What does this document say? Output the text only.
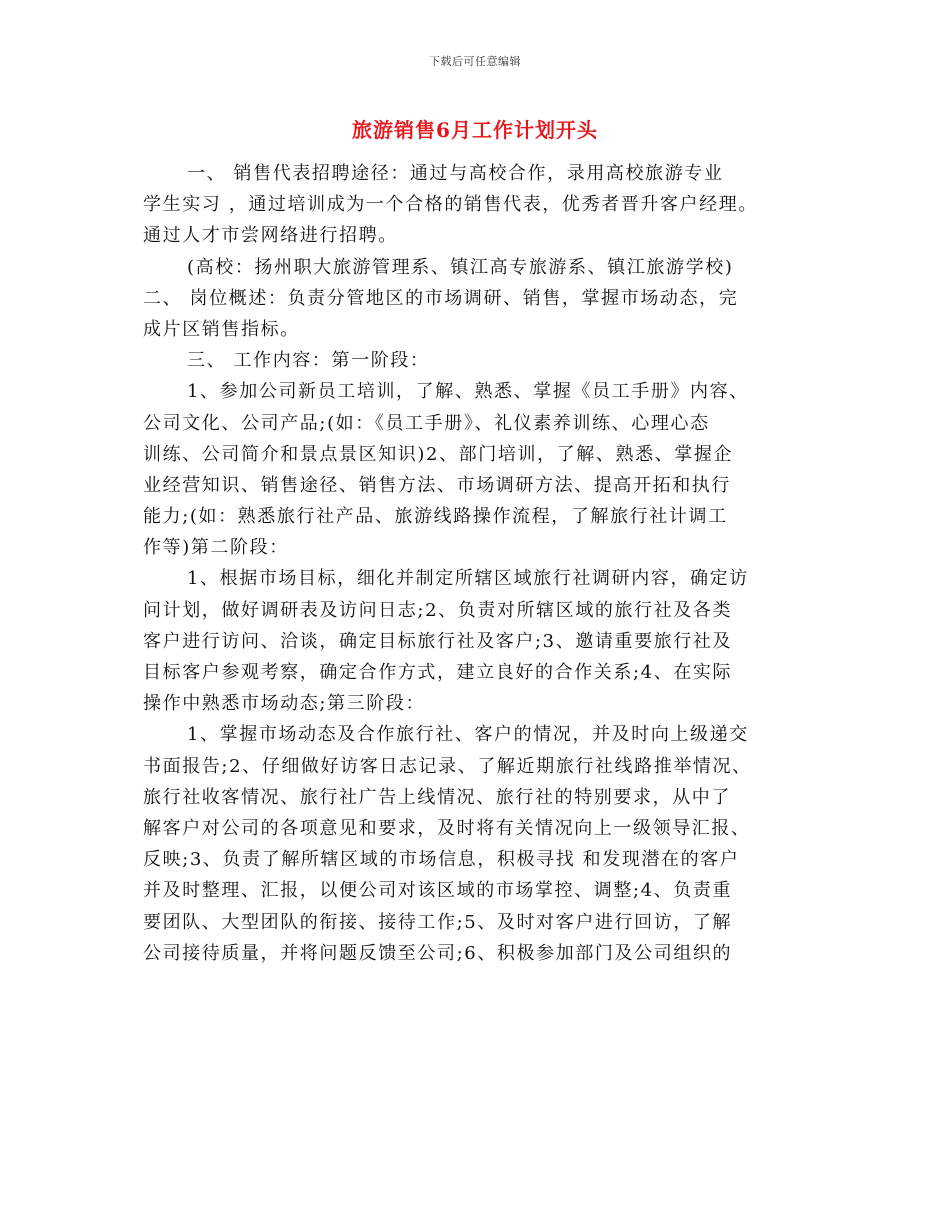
下载后可任意编辑
旅游销售6月工作计划开头
一、 销售代表招聘途径：通过与高校合作，录用高校旅游专业
学生实习 ，通过培训成为一个合格的销售代表，优秀者晋升客户经理。
通过人才市尝网络进行招聘。
(高校：扬州职大旅游管理系、镇江高专旅游系、镇江旅游学校)
二、 岗位概述：负责分管地区的市场调研、销售，掌握市场动态，完
成片区销售指标。
三、 工作内容：第一阶段：
1、参加公司新员工培训，了解、熟悉、掌握《员工手册》内容、
公司文化、公司产品;(如：《员工手册》、礼仪素养训练、心理心态
训练、公司简介和景点景区知识)2、部门培训，了解、熟悉、掌握企
业经营知识、销售途径、销售方法、市场调研方法、提高开拓和执行
能力;(如：熟悉旅行社产品、旅游线路操作流程，了解旅行社计调工
作等)第二阶段：
1、根据市场目标，细化并制定所辖区域旅行社调研内容，确定访
问计划，做好调研表及访问日志;2、负责对所辖区域的旅行社及各类
客户进行访问、洽谈，确定目标旅行社及客户;3、邀请重要旅行社及
目标客户参观考察，确定合作方式，建立良好的合作关系;4、在实际
操作中熟悉市场动态;第三阶段：
1、掌握市场动态及合作旅行社、客户的情况，并及时向上级递交
书面报告;2、仔细做好访客日志记录、了解近期旅行社线路推举情况、
旅行社收客情况、旅行社广告上线情况、旅行社的特别要求，从中了
解客户对公司的各项意见和要求，及时将有关情况向上一级领导汇报、
反映;3、负责了解所辖区域的市场信息，积极寻找 和发现潜在的客户
并及时整理、汇报，以便公司对该区域的市场掌控、调整;4、负责重
要团队、大型团队的衔接、接待工作;5、及时对客户进行回访，了解
公司接待质量，并将问题反馈至公司;6、积极参加部门及公司组织的
